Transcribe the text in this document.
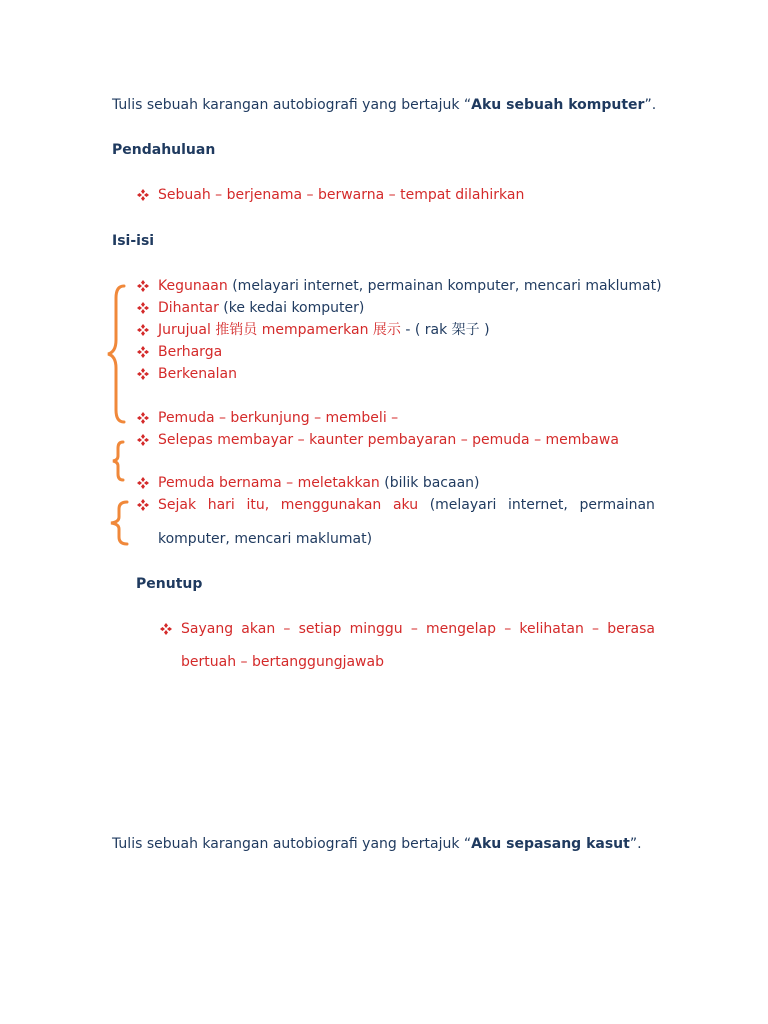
Tulis sebuah karangan autobiografi yang bertajuk “Aku sebuah komputer”.
Pendahuluan
Sebuah – berjenama – berwarna – tempat dilahirkan
Isi-isi
Kegunaan (melayari internet, permainan komputer, mencari maklumat)
Dihantar (ke kedai komputer)
Jurujual 推销员 mempamerkan 展示 - ( rak 架子 )
Berharga
Berkenalan
Pemuda – berkunjung – membeli –
Selepas membayar – kaunter pembayaran – pemuda – membawa
Pemuda bernama – meletakkan (bilik bacaan)
Sejak hari itu, menggunakan aku (melayari internet, permainan
komputer, mencari maklumat)
Penutup
Sayang akan – setiap minggu – mengelap – kelihatan – berasa
bertuah – bertanggungjawab
Tulis sebuah karangan autobiografi yang bertajuk “Aku sepasang kasut”.
